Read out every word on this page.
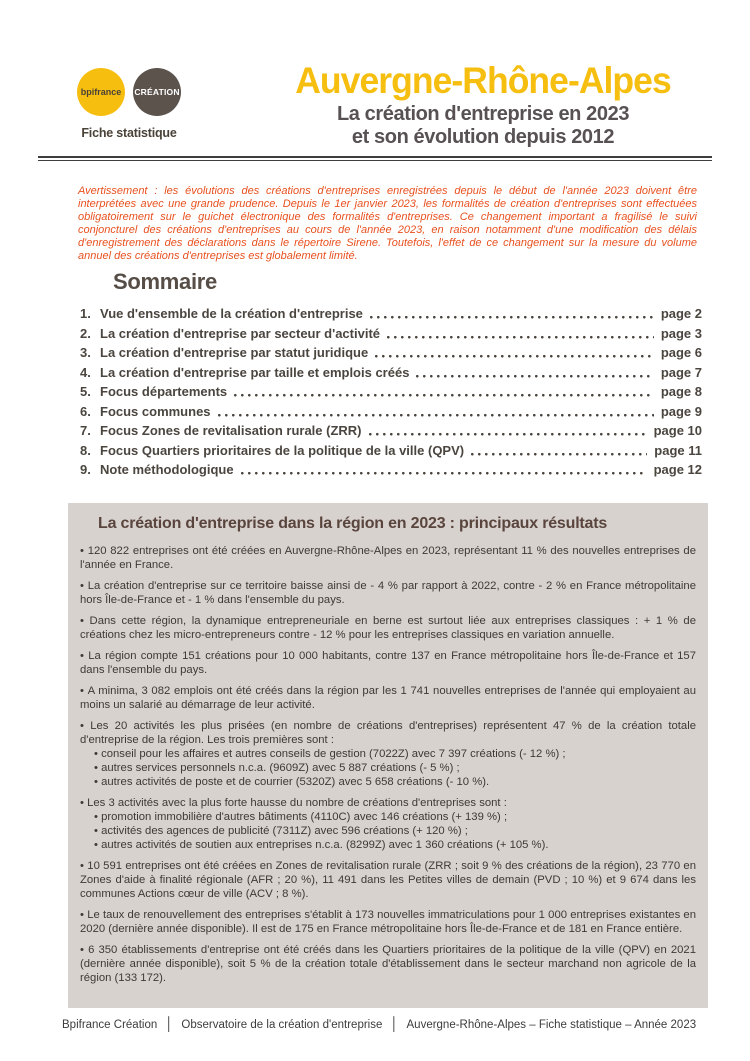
bpifrance CRÉATION
Fiche statistique
Auvergne-Rhône-Alpes
La création d'entreprise en 2023
et son évolution depuis 2012

Avertissement : les évolutions des créations d'entreprises enregistrées depuis le début de l'année 2023 doivent être interprétées avec une grande prudence. Depuis le 1er janvier 2023, les formalités de création d'entreprises sont effectuées obligatoirement sur le guichet électronique des formalités d'entreprises. Ce changement important a fragilisé le suivi conjoncturel des créations d'entreprises au cours de l'année 2023, en raison notamment d'une modification des délais d'enregistrement des déclarations dans le répertoire Sirene. Toutefois, l'effet de ce changement sur la mesure du volume annuel des créations d'entreprises est globalement limité.

Sommaire
1. Vue d'ensemble de la création d'entreprise	page 2
2. La création d'entreprise par secteur d'activité	page 3
3. La création d'entreprise par statut juridique	page 6
4. La création d'entreprise par taille et emplois créés	page 7
5. Focus départements	page 8
6. Focus communes	page 9
7. Focus Zones de revitalisation rurale (ZRR)	page 10
8. Focus Quartiers prioritaires de la politique de la ville (QPV)	page 11
9. Note méthodologique	page 12
La création d'entreprise dans la région en 2023 : principaux résultats

• 120 822 entreprises ont été créées en Auvergne-Rhône-Alpes en 2023, représentant 11 % des nouvelles entreprises de l'année en France.

• La création d'entreprise sur ce territoire baisse ainsi de - 4 % par rapport à 2022, contre - 2 % en France métropolitaine hors Île-de-France et - 1 % dans l'ensemble du pays.

• Dans cette région, la dynamique entrepreneuriale en berne est surtout liée aux entreprises classiques : + 1 % de créations chez les micro-entrepreneurs contre - 12 % pour les entreprises classiques en variation annuelle.

• La région compte 151 créations pour 10 000 habitants, contre 137 en France métropolitaine hors Île-de-France et 157 dans l'ensemble du pays.

• A minima, 3 082 emplois ont été créés dans la région par les 1 741 nouvelles entreprises de l'année qui employaient au moins un salarié au démarrage de leur activité.

• Les 20 activités les plus prisées (en nombre de créations d'entreprises) représentent 47 % de la création totale d'entreprise de la région. Les trois premières sont :

• conseil pour les affaires et autres conseils de gestion (7022Z) avec 7 397 créations (- 12 %) ;

• autres services personnels n.c.a. (9609Z) avec 5 887 créations (- 5 %) ;

• autres activités de poste et de courrier (5320Z) avec 5 658 créations (- 10 %).

• Les 3 activités avec la plus forte hausse du nombre de créations d'entreprises sont :

• promotion immobilière d'autres bâtiments (4110C) avec 146 créations (+ 139 %) ;

• activités des agences de publicité (7311Z) avec 596 créations (+ 120 %) ;

• autres activités de soutien aux entreprises n.c.a. (8299Z) avec 1 360 créations (+ 105 %).

• 10 591 entreprises ont été créées en Zones de revitalisation rurale (ZRR ; soit 9 % des créations de la région), 23 770 en Zones d'aide à finalité régionale (AFR ; 20 %), 11 491 dans les Petites villes de demain (PVD ; 10 %) et 9 674 dans les communes Actions cœur de ville (ACV ; 8 %).

• Le taux de renouvellement des entreprises s'établit à 173 nouvelles immatriculations pour 1 000 entreprises existantes en 2020 (dernière année disponible). Il est de 175 en France métropolitaine hors Île-de-France et de 181 en France entière.

• 6 350 établissements d'entreprise ont été créés dans les Quartiers prioritaires de la politique de la ville (QPV) en 2021 (dernière année disponible), soit 5 % de la création totale d'établissement dans le secteur marchand non agricole de la région (133 172).

Bpifrance Création │ Observatoire de la création d'entreprise │ Auvergne-Rhône-Alpes – Fiche statistique – Année 2023
